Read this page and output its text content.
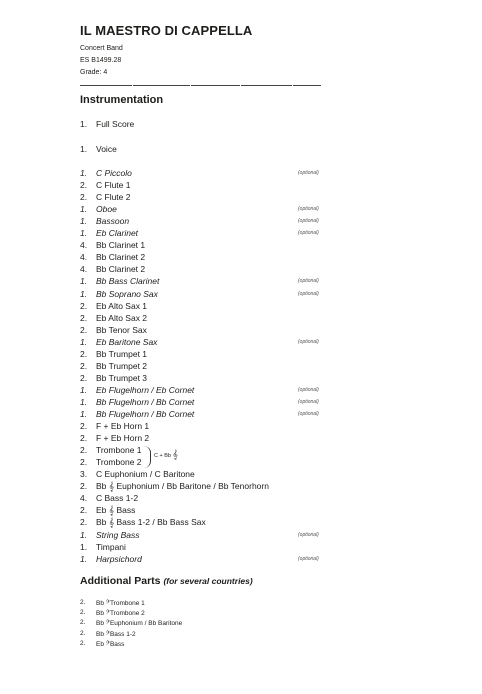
IL MAESTRO DI CAPPELLA
Concert Band
ES B1499.28
Grade: 4
Instrumentation
1. Full Score
1. Voice
1. C Piccolo	(optional)
2. C Flute 1
2. C Flute 2
1. Oboe	(optional)
1. Bassoon	(optional)
1. Eb Clarinet	(optional)
4. Bb Clarinet 1
4. Bb Clarinet 2
4. Bb Clarinet 2
1. Bb Bass Clarinet	(optional)
1. Bb Soprano Sax	(optional)
2. Eb Alto Sax 1
2. Eb Alto Sax 2
2. Bb Tenor Sax
1. Eb Baritone Sax	(optional)
2. Bb Trumpet 1
2. Bb Trumpet 2
2. Bb Trumpet 3
1. Eb Flugelhorn / Eb Cornet	(optional)
1. Bb Flugelhorn / Bb Cornet	(optional)
1. Bb Flugelhorn / Bb Cornet	(optional)
2. F + Eb Horn 1
2. F + Eb Horn 2
2. Trombone 1
2. Trombone 2
3. C Euphonium / C Baritone
2. Bb 𝄞 Euphonium / Bb Baritone / Bb Tenorhorn
4. C Bass 1-2
2. Eb 𝄞 Bass
2. Bb 𝄞 Bass 1-2 / Bb Bass Sax
1. String Bass	(optional)
1. Timpani
1. Harpsichord	(optional)
C + Bb 𝄞
Additional Parts (for several countries)
2. Bb 𝄢Trombone 1
2. Bb 𝄢Trombone 2
2. Bb 𝄢Euphonium / Bb Baritone
2. Bb 𝄢Bass 1-2
2. Eb 𝄢Bass
